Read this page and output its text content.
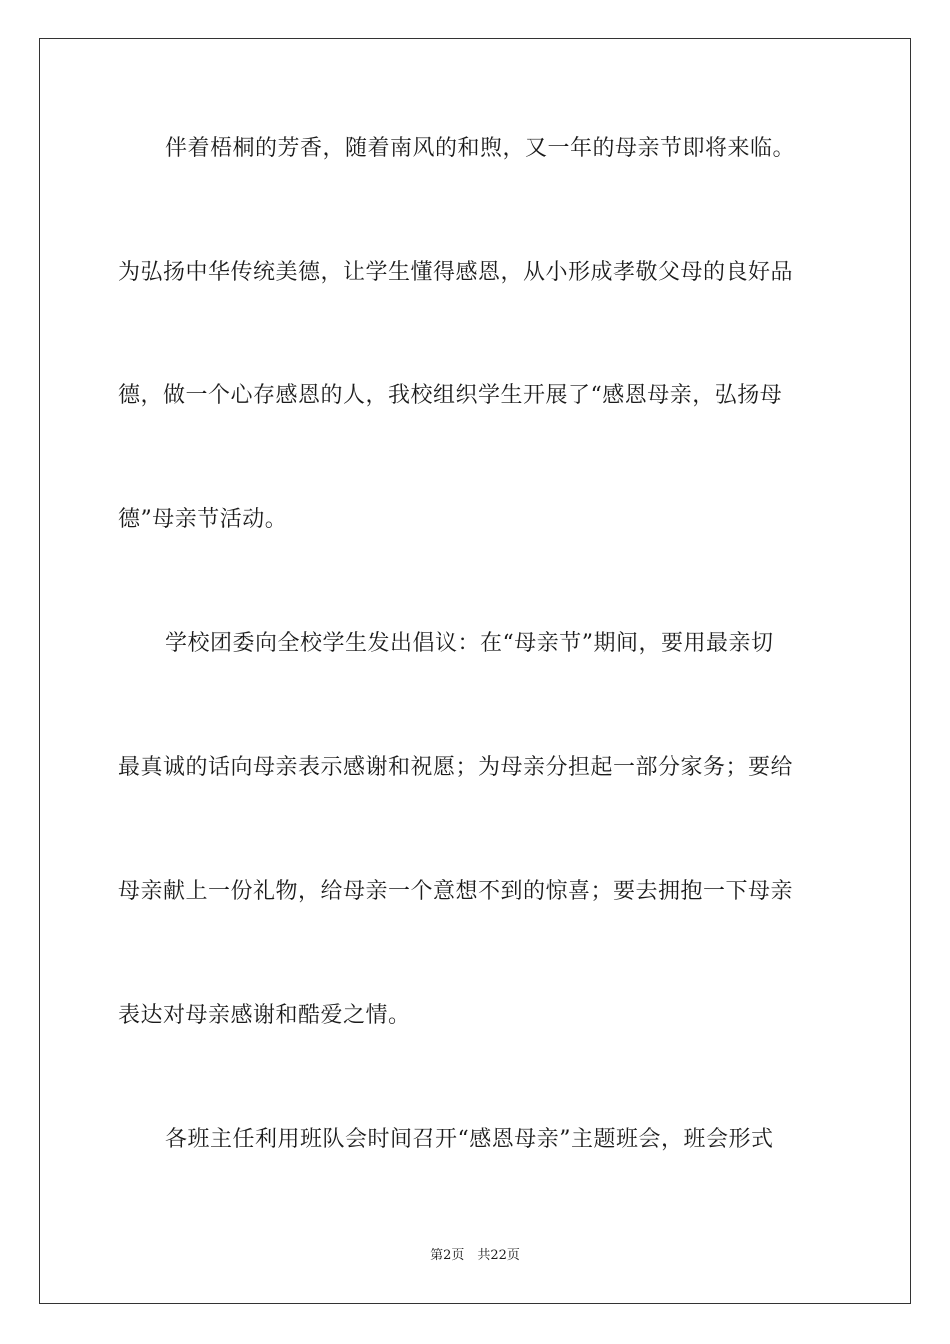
伴着梧桐的芳香，随着南风的和煦，又一年的母亲节即将来临。
为弘扬中华传统美德，让学生懂得感恩，从小形成孝敬父母的良好品
德，做一个心存感恩的人，我校组织学生开展了“感恩母亲，弘扬母
德”母亲节活动。
学校团委向全校学生发出倡议：在“母亲节”期间，要用最亲切
最真诚的话向母亲表示感谢和祝愿；为母亲分担起一部分家务；要给
母亲献上一份礼物，给母亲一个意想不到的惊喜；要去拥抱一下母亲
表达对母亲感谢和酷爱之情。
各班主任利用班队会时间召开“感恩母亲”主题班会，班会形式
第2页　共22页
